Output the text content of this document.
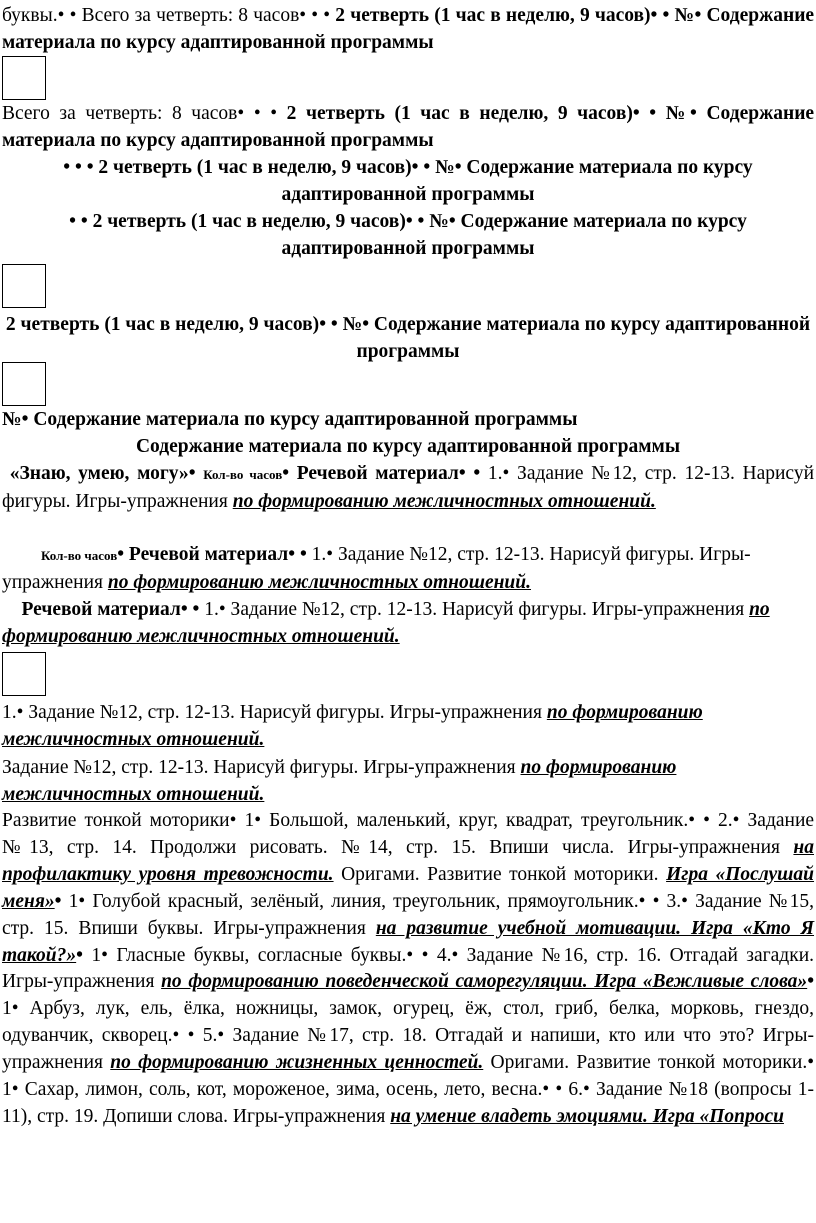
буквы.• • Всего за четверть: 8 часов• • • 2 четверть (1 час в неделю, 9 часов)• • №• Содержание материала по курсу адаптированной программы

Всего за четверть: 8 часов• • • 2 четверть (1 час в неделю, 9 часов)• • №• Содержание материала по курсу адаптированной программы

• • • 2 четверть (1 час в неделю, 9 часов)• • №• Содержание материала по курсу адаптированной программы

• • 2 четверть (1 час в неделю, 9 часов)• • №• Содержание материала по курсу адаптированной программы

2 четверть (1 час в неделю, 9 часов)• • №• Содержание материала по курсу адаптированной программы

№• Содержание материала по курсу адаптированной программы

Содержание материала по курсу адаптированной программы

«Знаю, умею, могу»• Кол-во часов• Речевой материал• • 1.• Задание №12, стр. 12-13. Нарисуй фигуры. Игры-упражнения по формированию межличностных отношений.

Кол-во часов• Речевой материал• • 1.• Задание №12, стр. 12-13. Нарисуй фигуры. Игры-упражнения по формированию межличностных отношений.

Речевой материал• • 1.• Задание №12, стр. 12-13. Нарисуй фигуры. Игры-упражнения по формированию межличностных отношений.

1.• Задание №12, стр. 12-13. Нарисуй фигуры. Игры-упражнения по формированию межличностных отношений.

Задание №12, стр. 12-13. Нарисуй фигуры. Игры-упражнения по формированию межличностных отношений.

Развитие тонкой моторики• 1• Большой, маленький, круг, квадрат, треугольник.• • 2.• Задание №13, стр. 14. Продолжи рисовать. №14, стр. 15. Впиши числа. Игры-упражнения на профилактику уровня тревожности. Оригами. Развитие тонкой моторики. Игра «Послушай меня»• 1• Голубой красный, зелёный, линия, треугольник, прямоугольник.• • 3.• Задание №15, стр. 15. Впиши буквы. Игры-упражнения на развитие учебной мотивации. Игра «Кто Я такой?»• 1• Гласные буквы, согласные буквы.• • 4.• Задание №16, стр. 16. Отгадай загадки. Игры-упражнения по формированию поведенческой саморегуляции. Игра «Вежливые слова»• 1• Арбуз, лук, ель, ёлка, ножницы, замок, огурец, ёж, стол, гриб, белка, морковь, гнездо, одуванчик, скворец.• • 5.• Задание №17, стр. 18. Отгадай и напиши, кто или что это? Игры-упражнения по формированию жизненных ценностей. Оригами. Развитие тонкой моторики.• 1• Сахар, лимон, соль, кот, мороженое, зима, осень, лето, весна.• • 6.• Задание №18 (вопросы 1-11), стр. 19. Допиши слова. Игры-упражнения на умение владеть эмоциями. Игра «Попроси
